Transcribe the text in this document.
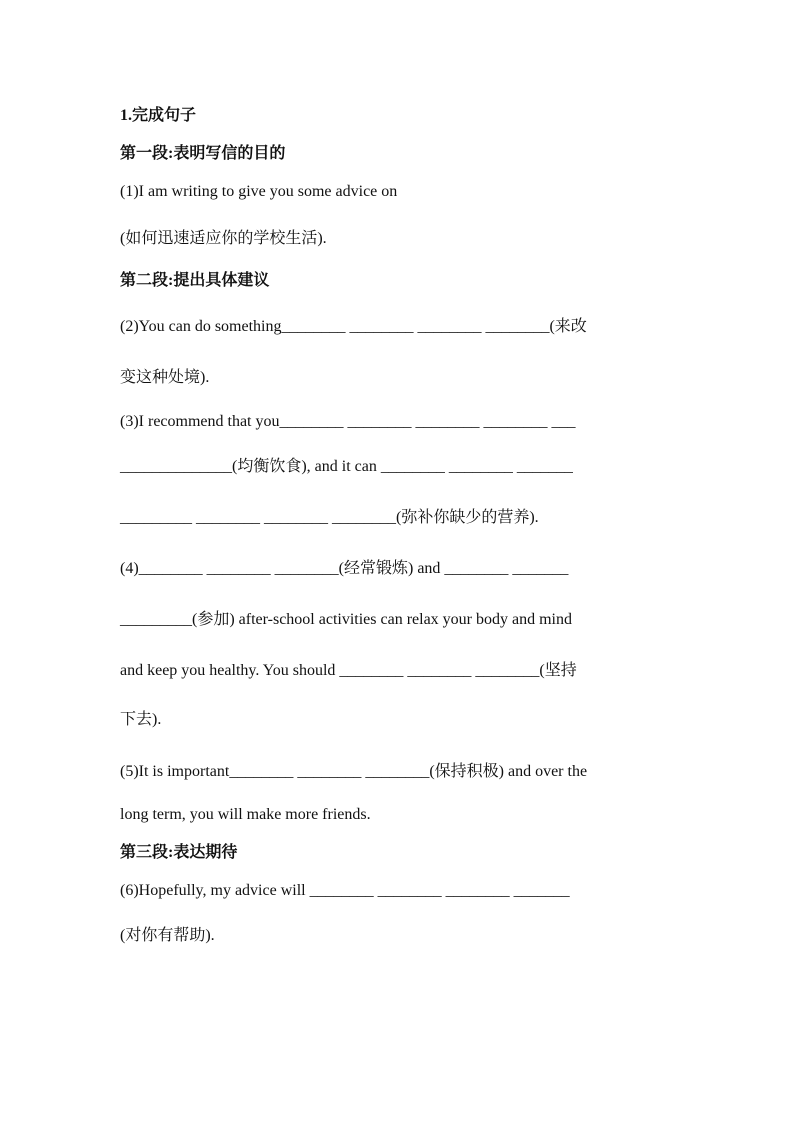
1.完成句子
第一段:表明写信的目的
(1)I am writing to give you some advice on
(如何迅速适应你的学校生活).
第二段:提出具体建议
(2)You can do something________ ________ ________ ________(来改
变这种处境).
(3)I recommend that you________ ________ ________ ________ ___
______________(均衡饮食), and it can ________ ________ _______
_________ ________ ________ ________(弥补你缺少的营养).
(4)________ ________ ________(经常锻炼) and ________ _______
_________(参加) after-school activities can relax your body and mind
and keep you healthy. You should ________ ________ ________(坚持
下去).
(5)It is important________ ________ ________(保持积极) and over the
long term, you will make more friends.
第三段:表达期待
(6)Hopefully, my advice will ________ ________ ________ _______
(对你有帮助).
